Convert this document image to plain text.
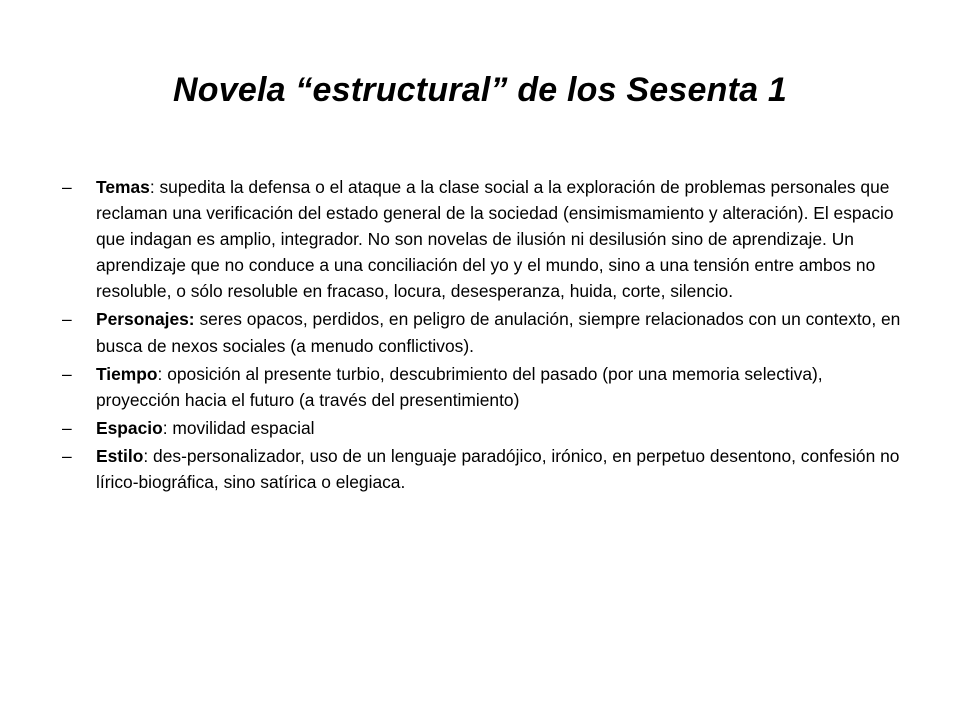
Novela “estructural” de los Sesenta 1
–	Temas: supedita la defensa o el ataque a la clase social a la exploración de problemas personales que reclaman una verificación del estado general de la sociedad (ensimismamiento y alteración). El espacio que indagan es amplio, integrador. No son novelas de ilusión ni desilusión sino de aprendizaje. Un aprendizaje que no conduce a una conciliación del yo y el mundo, sino a una tensión entre ambos no resoluble, o sólo resoluble en fracaso, locura, desesperanza, huida, corte, silencio.
–	Personajes: seres opacos, perdidos, en peligro de anulación, siempre relacionados con un contexto, en busca de nexos sociales (a menudo conflictivos).
–	Tiempo: oposición al presente turbio, descubrimiento del pasado (por una memoria selectiva), proyección hacia el futuro (a través del presentimiento)
–	Espacio: movilidad espacial
–	Estilo: des-personalizador, uso de un lenguaje paradójico, irónico, en perpetuo desentono, confesión no lírico-biográfica, sino satírica o elegiaca.
